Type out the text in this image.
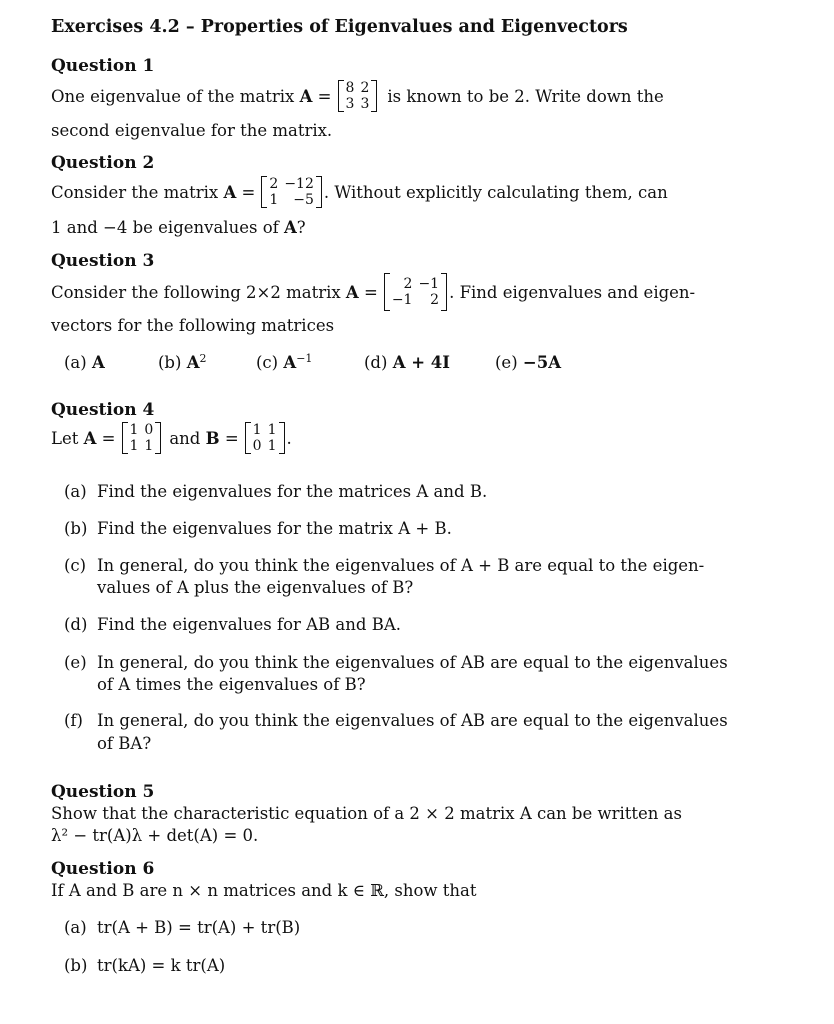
Exercises 4.2 – Properties of Eigenvalues and Eigenvectors
Question 1
One eigenvalue of the matrix A = 8	2
3	3 is known to be 2. Write down the
second eigenvalue for the matrix.
Question 2
Consider the matrix A = 2	−12
1	−5 . Without explicitly calculating them, can
1 and −4 be eigenvalues of A?
Question 3
Consider the following 2×2 matrix A = 2	−1
−1	2 . Find eigenvalues and eigen-
vectors for the following matrices
(a) A	(b) $A^2$	(c) $A^{-1}$	(d) A + 4I	(e) −5A
Question 4
Let A = 1	0
1	1 and B = 1	1
0	1 .
(a) Find the eigenvalues for the matrices A and B.
(b) Find the eigenvalues for the matrix A + B.
(c) In general, do you think the eigenvalues of A + B are equal to the eigen-
values of A plus the eigenvalues of B?
(d) Find the eigenvalues for AB and BA.
(e) In general, do you think the eigenvalues of AB are equal to the eigenvalues
of A times the eigenvalues of B?
(f) In general, do you think the eigenvalues of AB are equal to the eigenvalues
of BA?
Question 5
Show that the characteristic equation of a 2 × 2 matrix A can be written as
λ² − tr(A)λ + det(A) = 0.
Question 6
If A and B are n × n matrices and k ∈ ℝ, show that
(a) tr(A + B) = tr(A) + tr(B)
(b) tr(kA) = k tr(A)
